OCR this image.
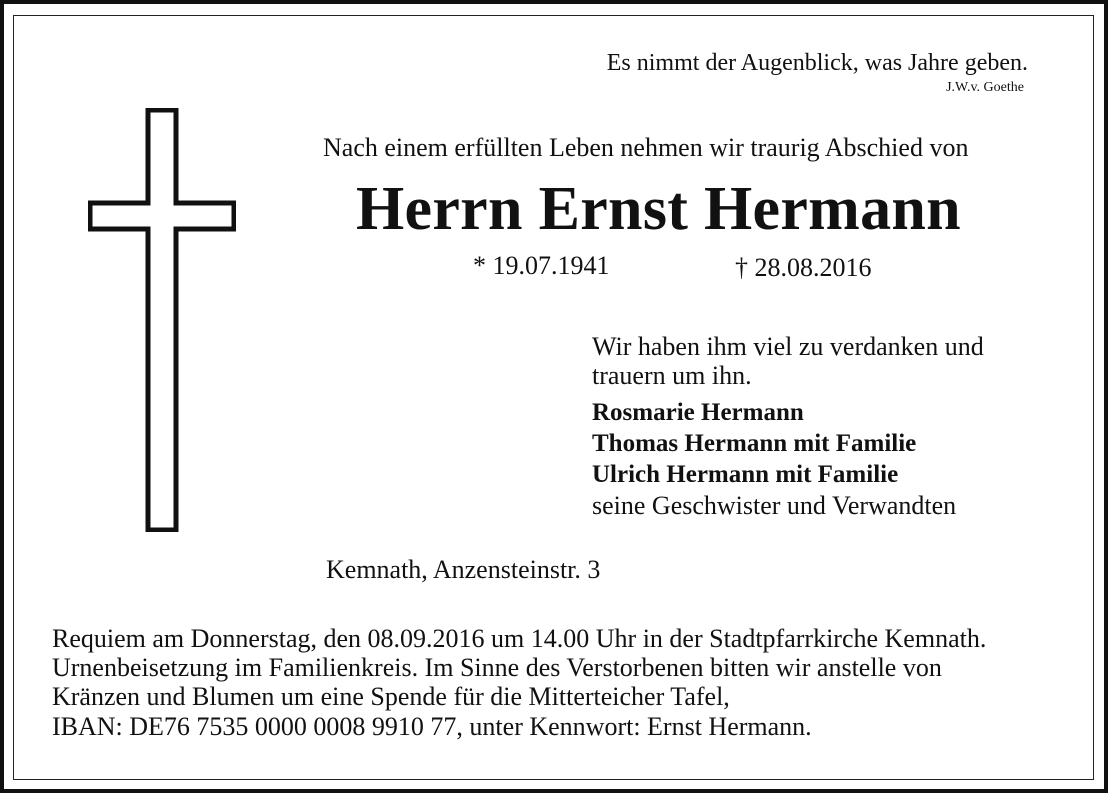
Es nimmt der Augenblick, was Jahre geben.
J.W.v. Goethe
Nach einem erfüllten Leben nehmen wir traurig Abschied von
Herrn Ernst Hermann
* 19.07.1941	† 28.08.2016
Wir haben ihm viel zu verdanken und trauern um ihn.
Rosmarie Hermann
Thomas Hermann mit Familie
Ulrich Hermann mit Familie
seine Geschwister und Verwandten
Kemnath, Anzensteinstr. 3
Requiem am Donnerstag, den 08.09.2016 um 14.00 Uhr in der Stadtpfarrkirche Kemnath.
Urnenbeisetzung im Familienkreis. Im Sinne des Verstorbenen bitten wir anstelle von
Kränzen und Blumen um eine Spende für die Mitterteicher Tafel,
IBAN: DE76 7535 0000 0008 9910 77, unter Kennwort: Ernst Hermann.
